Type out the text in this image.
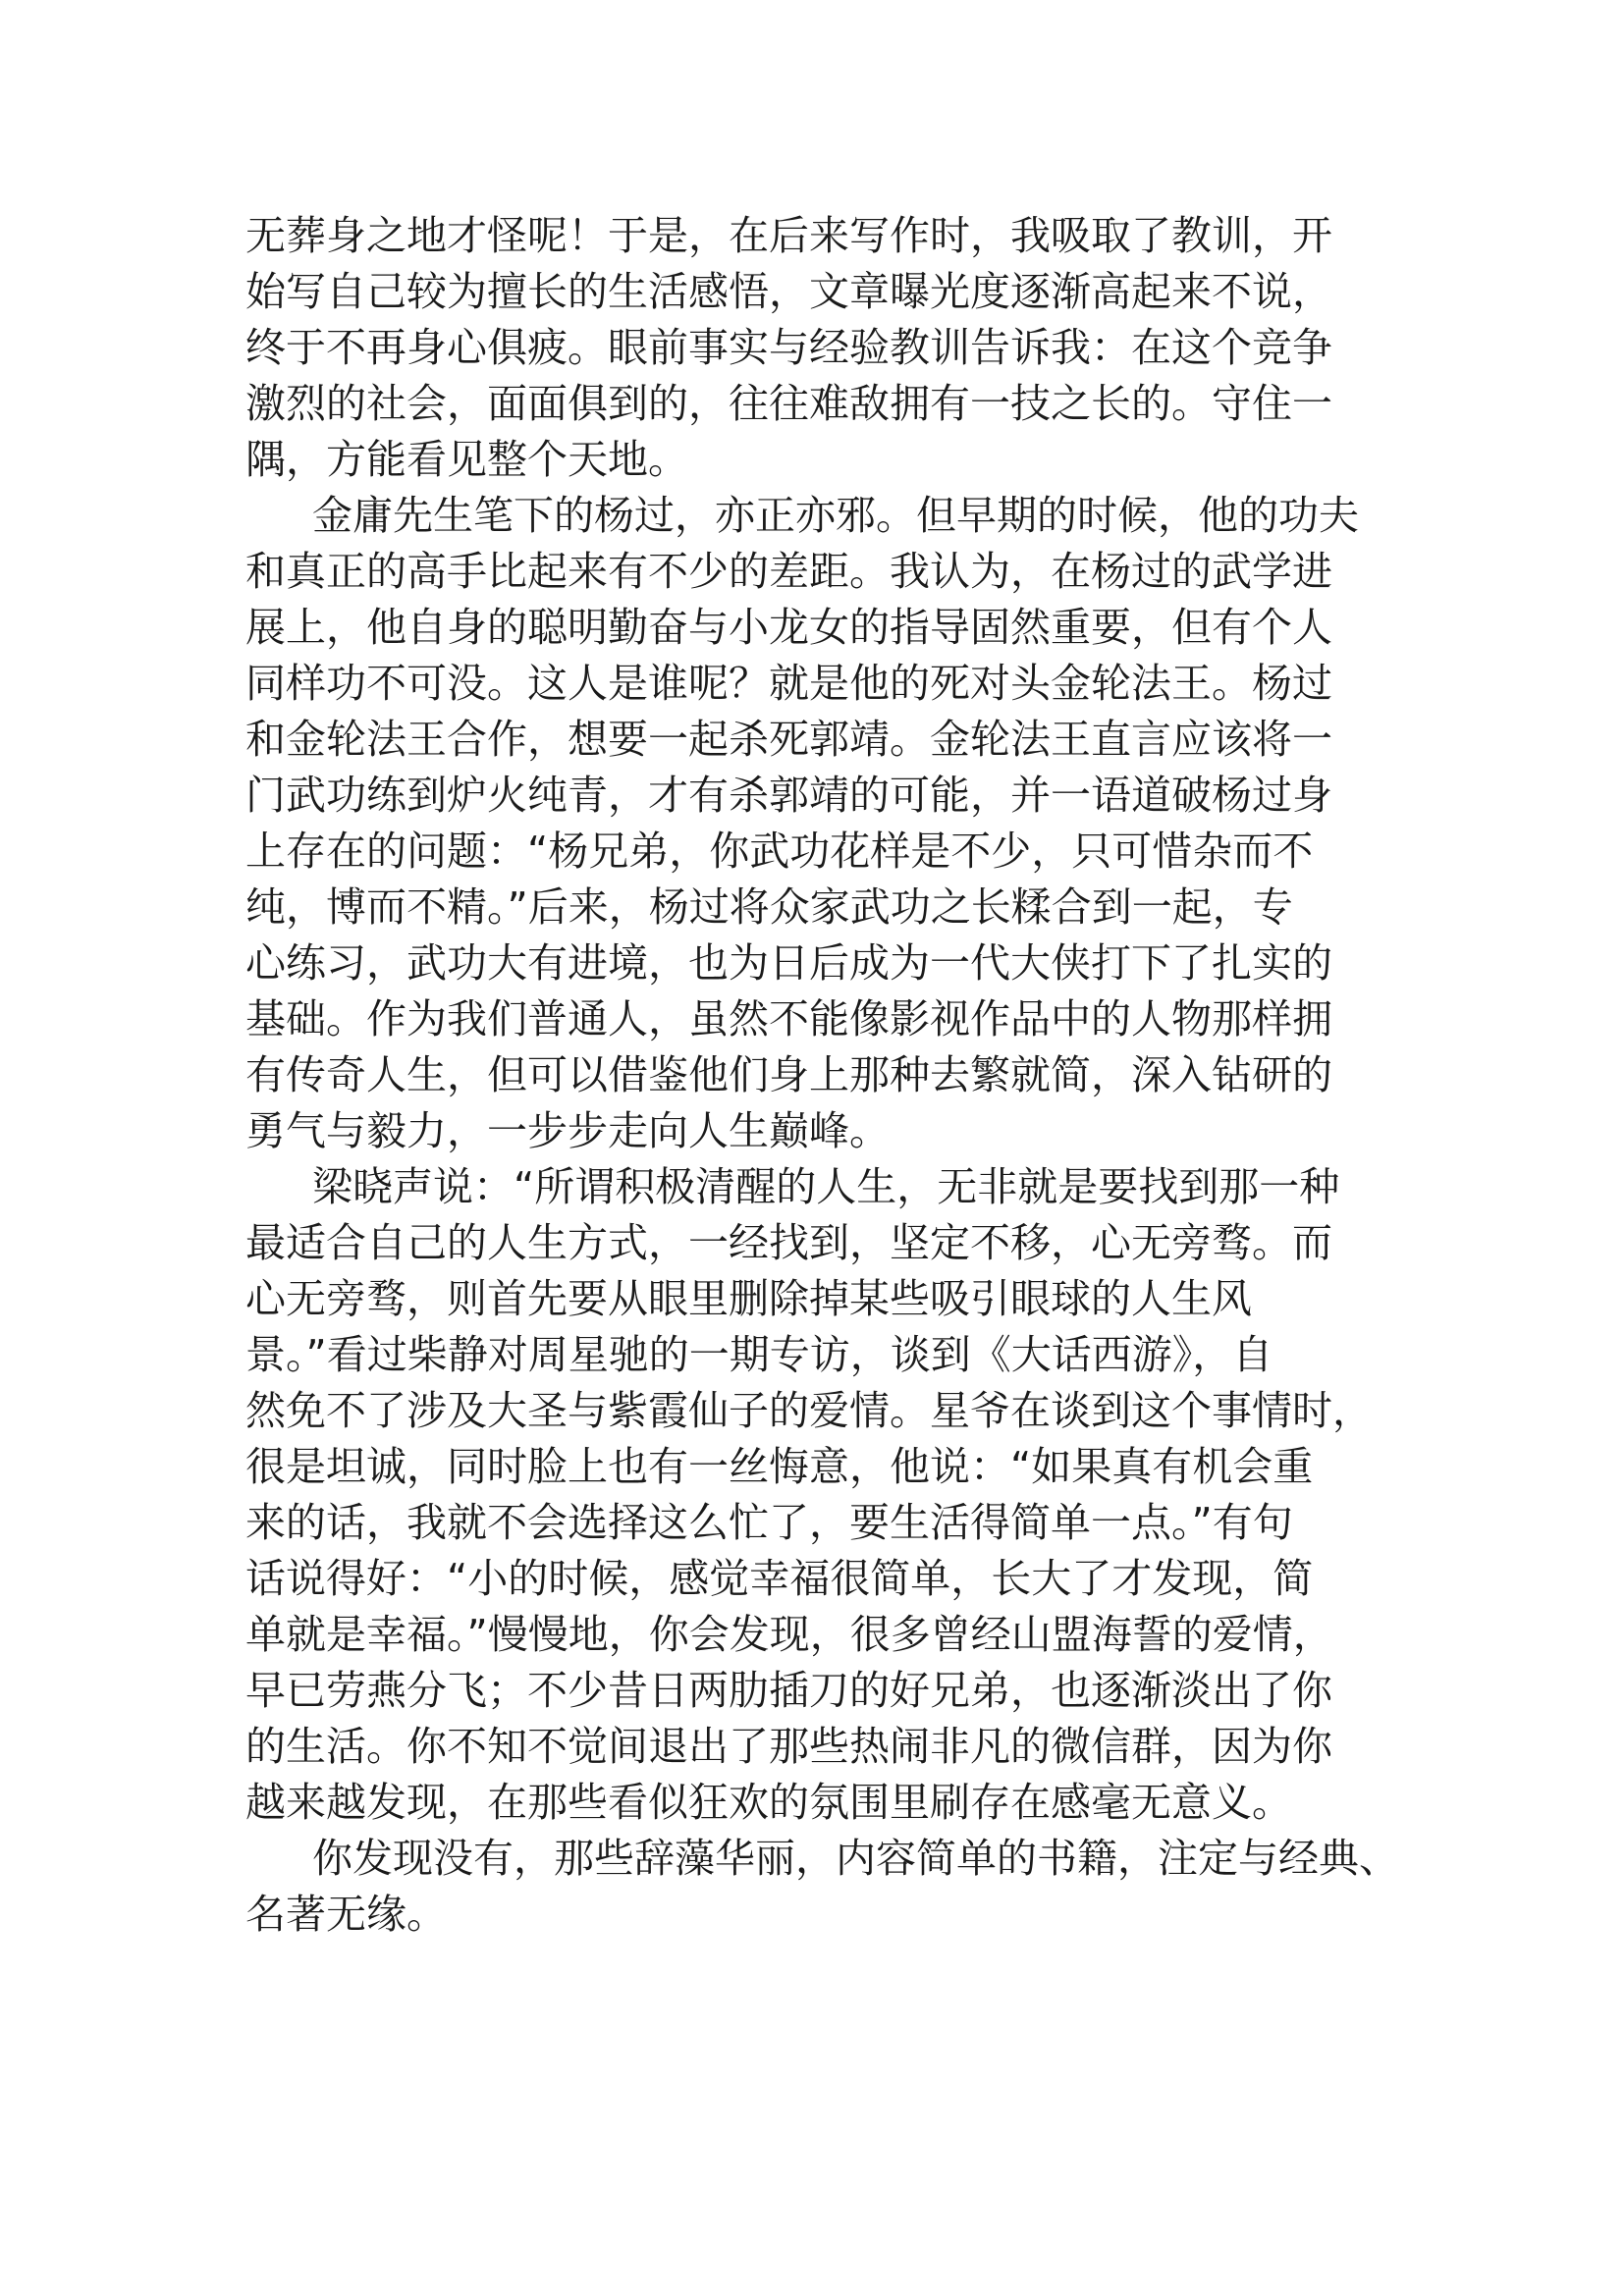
无葬身之地才怪呢！于是，在后来写作时，我吸取了教训，开
始写自己较为擅长的生活感悟，文章曝光度逐渐高起来不说，
终于不再身心俱疲。眼前事实与经验教训告诉我：在这个竞争
激烈的社会，面面俱到的，往往难敌拥有一技之长的。守住一
隅，方能看见整个天地。
金庸先生笔下的杨过，亦正亦邪。但早期的时候，他的功夫
和真正的高手比起来有不少的差距。我认为，在杨过的武学进
展上，他自身的聪明勤奋与小龙女的指导固然重要，但有个人
同样功不可没。这人是谁呢？就是他的死对头金轮法王。杨过
和金轮法王合作，想要一起杀死郭靖。金轮法王直言应该将一
门武功练到炉火纯青，才有杀郭靖的可能，并一语道破杨过身
上存在的问题：“杨兄弟，你武功花样是不少，只可惜杂而不
纯，博而不精。”后来，杨过将众家武功之长糅合到一起，专
心练习，武功大有进境，也为日后成为一代大侠打下了扎实的
基础。作为我们普通人，虽然不能像影视作品中的人物那样拥
有传奇人生，但可以借鉴他们身上那种去繁就简，深入钻研的
勇气与毅力，一步步走向人生巅峰。
梁晓声说：“所谓积极清醒的人生，无非就是要找到那一种
最适合自己的人生方式，一经找到，坚定不移，心无旁骛。而
心无旁骛，则首先要从眼里删除掉某些吸引眼球的人生风
景。”看过柴静对周星驰的一期专访，谈到《大话西游》，自
然免不了涉及大圣与紫霞仙子的爱情。星爷在谈到这个事情时，
很是坦诚，同时脸上也有一丝悔意，他说：“如果真有机会重
来的话，我就不会选择这么忙了，要生活得简单一点。”有句
话说得好：“小的时候，感觉幸福很简单，长大了才发现，简
单就是幸福。”慢慢地，你会发现，很多曾经山盟海誓的爱情，
早已劳燕分飞；不少昔日两肋插刀的好兄弟，也逐渐淡出了你
的生活。你不知不觉间退出了那些热闹非凡的微信群，因为你
越来越发现，在那些看似狂欢的氛围里刷存在感毫无意义。
你发现没有，那些辞藻华丽，内容简单的书籍，注定与经典、
名著无缘。
